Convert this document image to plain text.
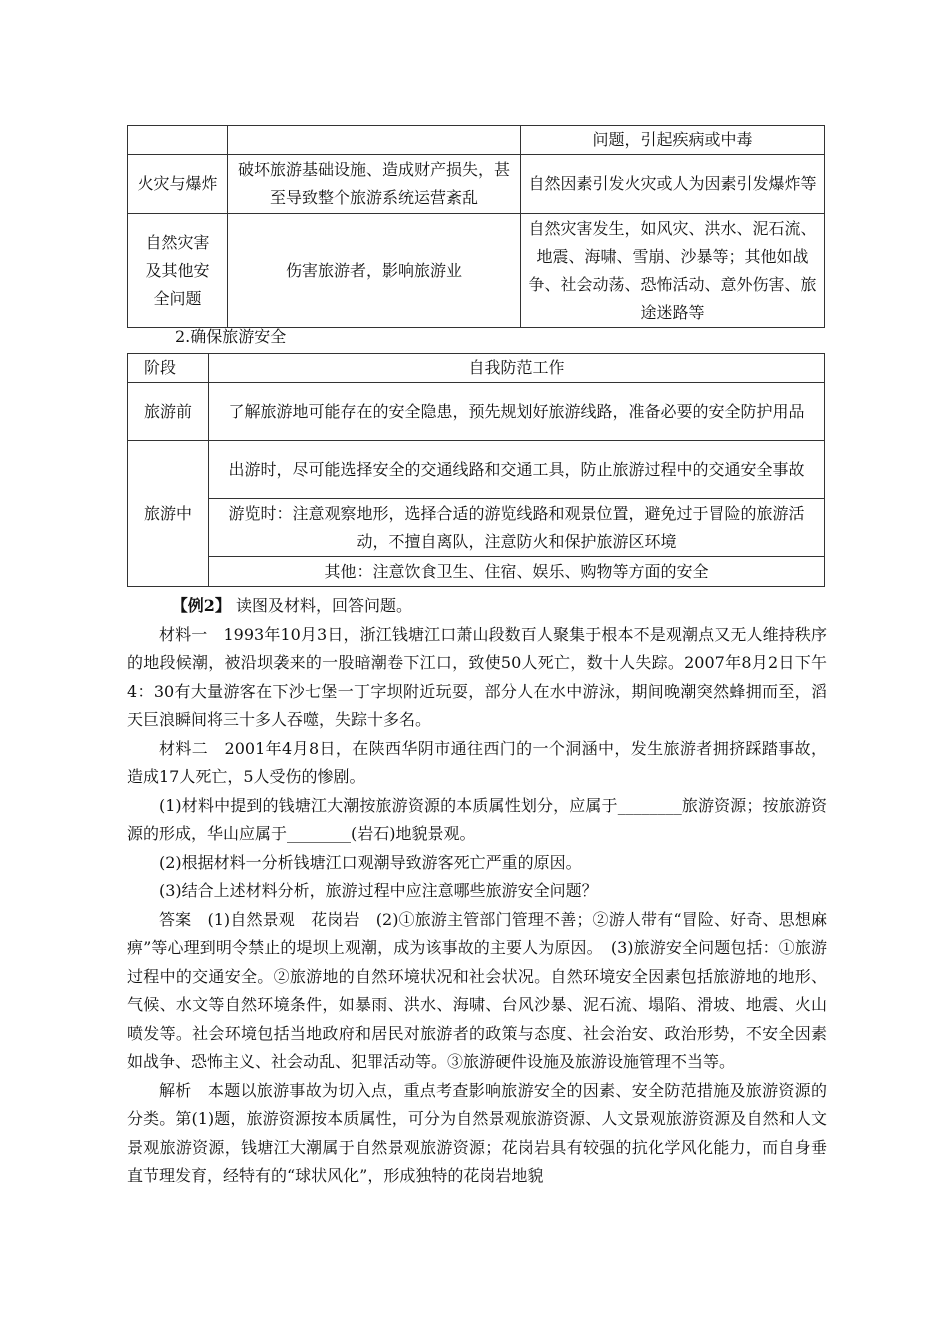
		问题，引起疾病或中毒
火灾与爆炸	破坏旅游基础设施、造成财产损失，甚至导致整个旅游系统运营紊乱	自然因素引发火灾或人为因素引发爆炸等
自然灾害及其他安全问题	伤害旅游者，影响旅游业	自然灾害发生，如风灾、洪水、泥石流、地震、海啸、雪崩、沙暴等；其他如战争、社会动荡、恐怖活动、意外伤害、旅途迷路等
2.确保旅游安全
阶段	自我防范工作
旅游前	了解旅游地可能存在的安全隐患，预先规划好旅游线路，准备必要的安全防护用品
旅游中	出游时，尽可能选择安全的交通线路和交通工具，防止旅游过程中的交通安全事故
	游览时：注意观察地形，选择合适的游览线路和观景位置，避免过于冒险的旅游活动，不擅自离队，注意防火和保护旅游区环境
	其他：注意饮食卫生、住宿、娱乐、购物等方面的安全

【例2】 读图及材料，回答问题。

材料一　1993年10月3日，浙江钱塘江口萧山段数百人聚集于根本不是观潮点又无人维持秩序的地段候潮，被沿坝袭来的一股暗潮卷下江口，致使50人死亡，数十人失踪。2007年8月2日下午4：30有大量游客在下沙七堡一丁字坝附近玩耍，部分人在水中游泳，期间晚潮突然蜂拥而至，滔天巨浪瞬间将三十多人吞噬，失踪十多名。

材料二　2001年4月8日，在陕西华阴市通往西门的一个洞涵中，发生旅游者拥挤踩踏事故，造成17人死亡，5人受伤的惨剧。

(1)材料中提到的钱塘江大潮按旅游资源的本质属性划分，应属于________旅游资源；按旅游资源的形成，华山应属于________(岩石)地貌景观。

(2)根据材料一分析钱塘江口观潮导致游客死亡严重的原因。

(3)结合上述材料分析，旅游过程中应注意哪些旅游安全问题？

答案　(1)自然景观　花岗岩　(2)①旅游主管部门管理不善；②游人带有“冒险、好奇、思想麻痹”等心理到明令禁止的堤坝上观潮，成为该事故的主要人为原因。　(3)旅游安全问题包括：①旅游过程中的交通安全。②旅游地的自然环境状况和社会状况。自然环境安全因素包括旅游地的地形、气候、水文等自然环境条件，如暴雨、洪水、海啸、台风沙暴、泥石流、塌陷、滑坡、地震、火山喷发等。社会环境包括当地政府和居民对旅游者的政策与态度、社会治安、政治形势，不安全因素如战争、恐怖主义、社会动乱、犯罪活动等。③旅游硬件设施及旅游设施管理不当等。

解析　本题以旅游事故为切入点，重点考查影响旅游安全的因素、安全防范措施及旅游资源的分类。第(1)题，旅游资源按本质属性，可分为自然景观旅游资源、人文景观旅游资源及自然和人文景观旅游资源，钱塘江大潮属于自然景观旅游资源；花岗岩具有较强的抗化学风化能力，而自身垂直节理发育，经特有的“球状风化”，形成独特的花岗岩地貌
